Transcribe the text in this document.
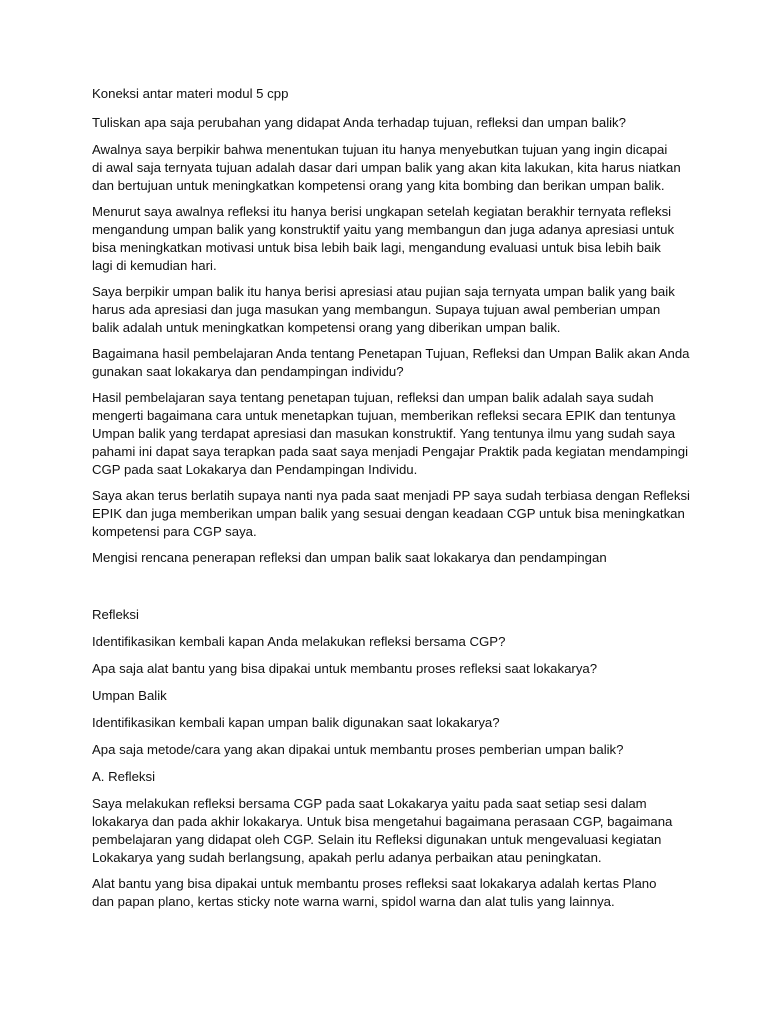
Koneksi antar materi modul 5 cpp

Tuliskan apa saja perubahan yang didapat Anda terhadap tujuan, refleksi dan umpan balik?

Awalnya saya berpikir bahwa menentukan tujuan itu hanya menyebutkan tujuan yang ingin dicapai
di awal saja ternyata tujuan adalah dasar dari umpan balik yang akan kita lakukan, kita harus niatkan
dan bertujuan untuk meningkatkan kompetensi orang yang kita bombing dan berikan umpan balik.

Menurut saya awalnya refleksi itu hanya berisi ungkapan setelah kegiatan berakhir ternyata refleksi
mengandung umpan balik yang konstruktif yaitu yang membangun dan juga adanya apresiasi untuk
bisa meningkatkan motivasi untuk bisa lebih baik lagi, mengandung evaluasi untuk bisa lebih baik
lagi di kemudian hari.

Saya berpikir umpan balik itu hanya berisi apresiasi atau pujian saja ternyata umpan balik yang baik
harus ada apresiasi dan juga masukan yang membangun. Supaya tujuan awal pemberian umpan
balik adalah untuk meningkatkan kompetensi orang yang diberikan umpan balik.

Bagaimana hasil pembelajaran Anda tentang Penetapan Tujuan, Refleksi dan Umpan Balik akan Anda
gunakan saat lokakarya dan pendampingan individu?

Hasil pembelajaran saya tentang penetapan tujuan, refleksi dan umpan balik adalah saya sudah
mengerti bagaimana cara untuk menetapkan tujuan, memberikan refleksi secara EPIK dan tentunya
Umpan balik yang terdapat apresiasi dan masukan konstruktif. Yang tentunya ilmu yang sudah saya
pahami ini dapat saya terapkan pada saat saya menjadi Pengajar Praktik pada kegiatan mendampingi
CGP pada saat Lokakarya dan Pendampingan Individu.

Saya akan terus berlatih supaya nanti nya pada saat menjadi PP saya sudah terbiasa dengan Refleksi
EPIK dan juga memberikan umpan balik yang sesuai dengan keadaan CGP untuk bisa meningkatkan
kompetensi para CGP saya.

Mengisi rencana penerapan refleksi dan umpan balik saat lokakarya dan pendampingan

Refleksi

Identifikasikan kembali kapan Anda melakukan refleksi bersama CGP?

Apa saja alat bantu yang bisa dipakai untuk membantu proses refleksi saat lokakarya?

Umpan Balik

Identifikasikan kembali kapan umpan balik digunakan saat lokakarya?

Apa saja metode/cara yang akan dipakai untuk membantu proses pemberian umpan balik?

A. Refleksi

Saya melakukan refleksi bersama CGP pada saat Lokakarya yaitu pada saat setiap sesi dalam
lokakarya dan pada akhir lokakarya. Untuk bisa mengetahui bagaimana perasaan CGP, bagaimana
pembelajaran yang didapat oleh CGP. Selain itu Refleksi digunakan untuk mengevaluasi kegiatan
Lokakarya yang sudah berlangsung, apakah perlu adanya perbaikan atau peningkatan.

Alat bantu yang bisa dipakai untuk membantu proses refleksi saat lokakarya adalah kertas Plano
dan papan plano, kertas sticky note warna warni, spidol warna dan alat tulis yang lainnya.
